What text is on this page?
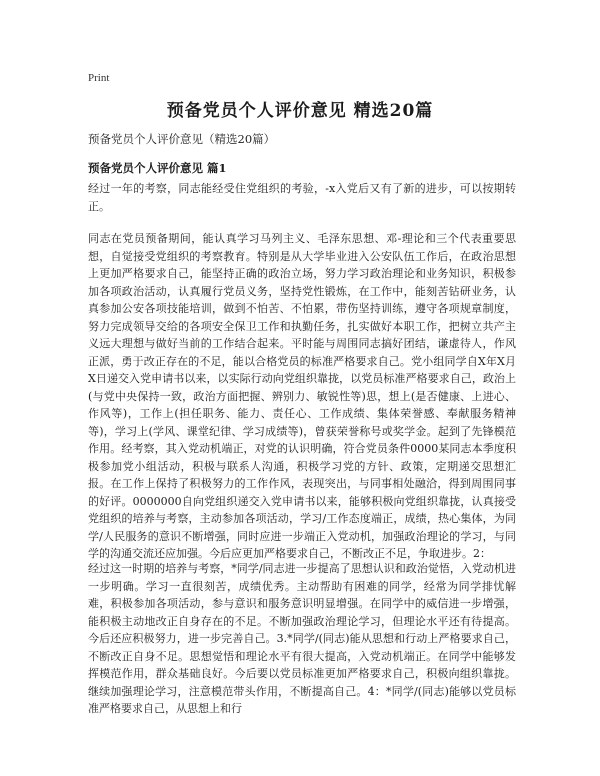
Print
预备党员个人评价意见 精选20篇
预备党员个人评价意见（精选20篇）
预备党员个人评价意见 篇1

经过一年的考察，同志能经受住党组织的考验，-x入党后又有了新的进步，可以按期转正。

同志在党员预备期间，能认真学习马列主义、毛泽东思想、邓-理论和三个代表重要思想，自觉接受党组织的考察教育。特别是从大学毕业进入公安队伍工作后，在政治思想上更加严格要求自己，能坚持正确的政治立场，努力学习政治理论和业务知识，积极参加各项政治活动，认真履行党员义务，坚持党性锻炼，在工作中，能刻苦钻研业务，认真参加公安各项技能培训，做到不怕苦、不怕累，带伤坚持训练，遵守各项规章制度，努力完成领导交给的各项安全保卫工作和执勤任务，扎实做好本职工作，把树立共产主义远大理想与做好当前的工作结合起来。平时能与周围同志搞好团结，谦虚待人，作风正派，勇于改正存在的不足，能以合格党员的标准严格要求自己。党小组同学自X年X月X日递交入党申请书以来，以实际行动向党组织靠拢，以党员标准严格要求自己，政治上(与党中央保持一致，政治方面把握、辨别力、敏锐性等)思，想上(是否健康、上进心、作风等)，工作上(担任职务、能力、责任心、工作成绩、集体荣誉感、奉献服务精神等)，学习上(学风、课堂纪律、学习成绩等)，曾获荣誉称号或奖学金。起到了先锋模范作用。经考察，其入党动机端正，对党的认识明确，符合党员条件0000某同志本季度积极参加党小组活动，积极与联系人沟通，积极学习党的方针、政策，定期递交思想汇报。在工作上保持了积极努力的工作作风，表现突出，与同事相处融洽，得到周围同事的好评。0000000自向党组织递交入党申请书以来，能够积极向党组织靠拢，认真接受党组织的培养与考察，主动参加各项活动，学习/工作态度端正，成绩，热心集体，为同学/人民服务的意识不断增强，同时应进一步端正入党动机，加强政治理论的学习，与同学的沟通交流还应加强。今后应更加严格要求自己，不断改正不足，争取进步。2：

经过这一时期的培养与考察，*同学/同志进一步提高了思想认识和政治觉悟，入党动机进一步明确。学习一直很刻苦，成绩优秀。主动帮助有困难的同学，经常为同学排忧解难，积极参加各项活动，参与意识和服务意识明显增强。在同学中的威信进一步增强，能积极主动地改正自身存在的不足。不断加强政治理论学习，但理论水平还有待提高。今后还应积极努力，进一步完善自己。3.*同学/(同志)能从思想和行动上严格要求自己，不断改正自身不足。思想觉悟和理论水平有很大提高，入党动机端正。在同学中能够发挥模范作用，群众基础良好。今后要以党员标准更加严格要求自己，积极向组织靠拢。继续加强理论学习，注意模范带头作用，不断提高自己。4：*同学/(同志)能够以党员标准严格要求自己，从思想上和行
